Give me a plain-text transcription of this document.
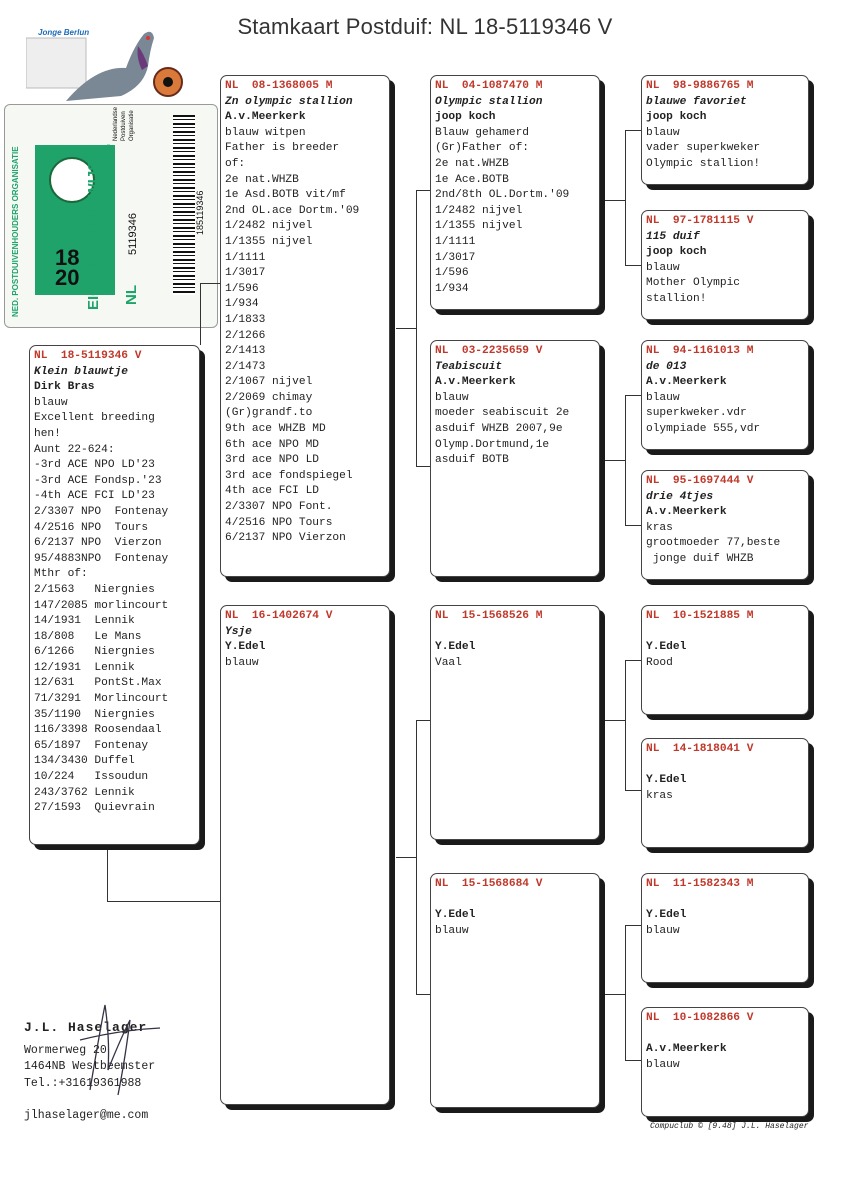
Stamkaart Postduif: NL 18-5119346 V
Jonge Berlun
NED. POSTDUIVENHOUDERS ORGANISATIE	EIGENDOMSBEWIJS A/D RING
18
20
NL
5119346
Nederlandse Postduiven Organisatie
185119346
NL  18-5119346 V
Klein blauwtje
Dirk Bras
blauw
Excellent breeding
hen!
Aunt 22-624:
-3rd ACE NPO LD'23
-3rd ACE Fondsp.'23
-4th ACE FCI LD'23
2/3307 NPO  Fontenay
4/2516 NPO  Tours
6/2137 NPO  Vierzon
95/4883NPO  Fontenay
Mthr of:
2/1563   Niergnies
147/2085 morlincourt
14/1931  Lennik
18/808   Le Mans
6/1266   Niergnies
12/1931  Lennik
12/631   PontSt.Max
71/3291  Morlincourt
35/1190  Niergnies
116/3398 Roosendaal
65/1897  Fontenay
134/3430 Duffel
10/224   Issoudun
243/3762 Lennik
27/1593  Quievrain
NL  08-1368005 M
Zn olympic stallion
A.v.Meerkerk
blauw witpen
Father is breeder
of:
2e nat.WHZB
1e Asd.BOTB vit/mf
2nd OL.ace Dortm.'09
1/2482 nijvel
1/1355 nijvel
1/1111
1/3017
1/596
1/934
1/1833
2/1266
2/1413
2/1473
2/1067 nijvel
2/2069 chimay
(Gr)grandf.to
9th ace WHZB MD
6th ace NPO MD
3rd ace NPO LD
3rd ace fondspiegel
4th ace FCI LD
2/3307 NPO Font.
4/2516 NPO Tours
6/2137 NPO Vierzon
NL  16-1402674 V
Ysje
Y.Edel
blauw
NL  04-1087470 M
Olympic stallion
joop koch
Blauw gehamerd
(Gr)Father of:
2e nat.WHZB
1e Ace.BOTB
2nd/8th OL.Dortm.'09
1/2482 nijvel
1/1355 nijvel
1/1111
1/3017
1/596
1/934
NL  03-2235659 V
Teabiscuit
A.v.Meerkerk
blauw
moeder seabiscuit 2e
asduif WHZB 2007,9e
Olymp.Dortmund,1e
asduif BOTB
NL  15-1568526 M

Y.Edel
Vaal
NL  15-1568684 V

Y.Edel
blauw
NL  98-9886765 M
blauwe favoriet
joop koch
blauw
vader superkweker
Olympic stallion!
NL  97-1781115 V
115 duif
joop koch
blauw
Mother Olympic
stallion!
NL  94-1161013 M
de 013
A.v.Meerkerk
blauw
superkweker.vdr
olympiade 555,vdr
NL  95-1697444 V
drie 4tjes
A.v.Meerkerk
kras
grootmoeder 77,beste
jonge duif WHZB
NL  10-1521885 M

Y.Edel
Rood
NL  14-1818041 V

Y.Edel
kras
NL  11-1582343 M

Y.Edel
blauw
NL  10-1082866 V

A.v.Meerkerk
blauw
J.L. Haselager
Wormerweg 20
1464NB Westbeemster
Tel.:+31619361988
jlhaselager@me.com
Compuclub © [9.48] J.L. Haselager
